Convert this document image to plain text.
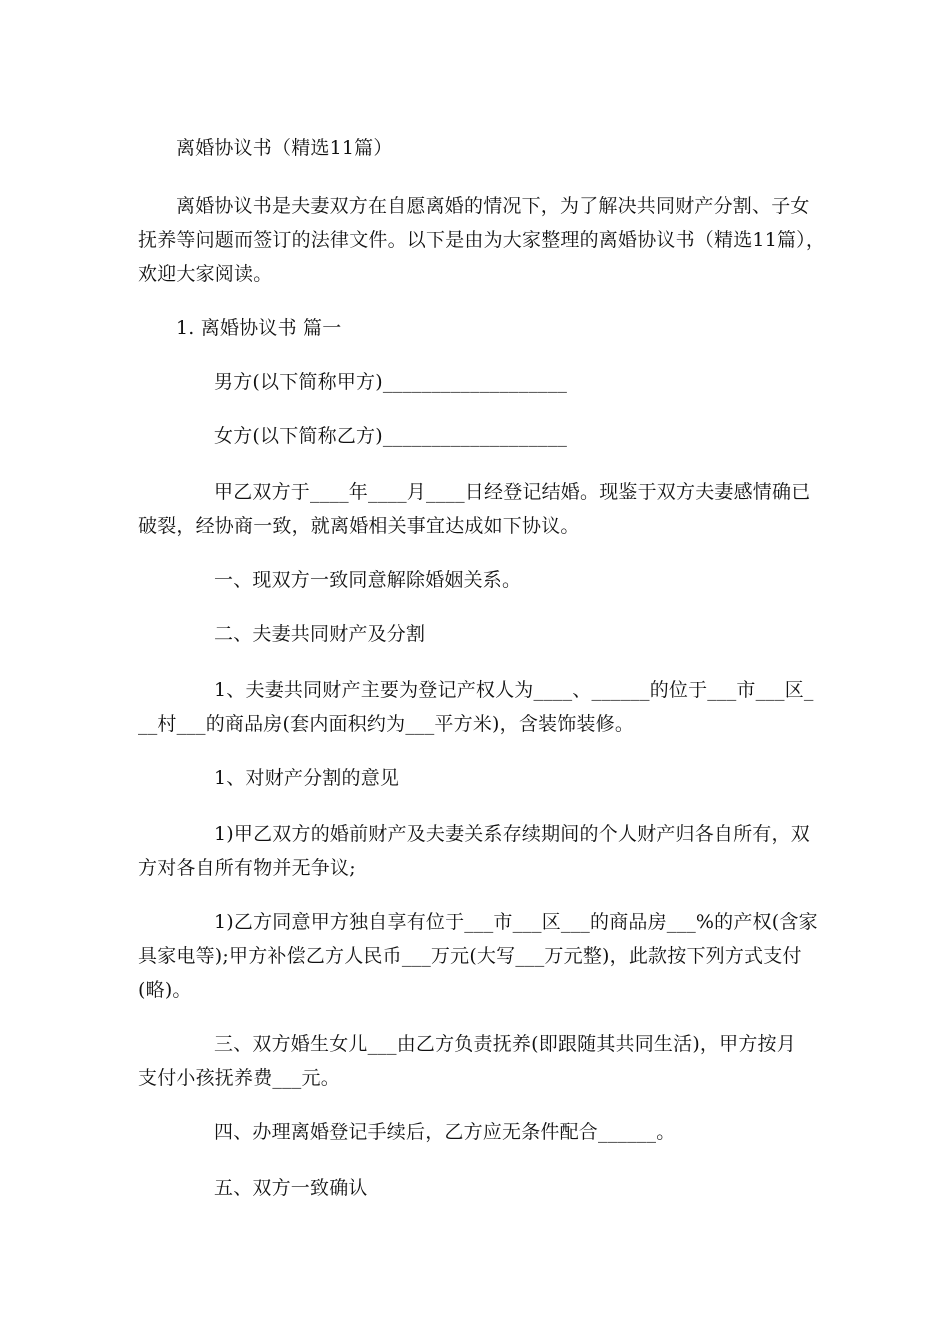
离婚协议书（精选11篇）
离婚协议书是夫妻双方在自愿离婚的情况下，为了解决共同财产分割、子女
抚养等问题而签订的法律文件。以下是由为大家整理的离婚协议书（精选11篇），
欢迎大家阅读。
1. 离婚协议书 篇一
男方(以下简称甲方)___________________
女方(以下简称乙方)___________________
甲乙双方于____年____月____日经登记结婚。现鉴于双方夫妻感情确已
破裂，经协商一致，就离婚相关事宜达成如下协议。
一、现双方一致同意解除婚姻关系。
二、夫妻共同财产及分割
1、夫妻共同财产主要为登记产权人为____、______的位于___市___区_
__村___的商品房(套内面积约为___平方米)，含装饰装修。
1、对财产分割的意见
1)甲乙双方的婚前财产及夫妻关系存续期间的个人财产归各自所有，双
方对各自所有物并无争议;
1)乙方同意甲方独自享有位于___市___区___的商品房___%的产权(含家
具家电等);甲方补偿乙方人民币___万元(大写___万元整)，此款按下列方式支付
(略)。
三、双方婚生女儿___由乙方负责抚养(即跟随其共同生活)，甲方按月
支付小孩抚养费___元。
四、办理离婚登记手续后，乙方应无条件配合______。
五、双方一致确认
